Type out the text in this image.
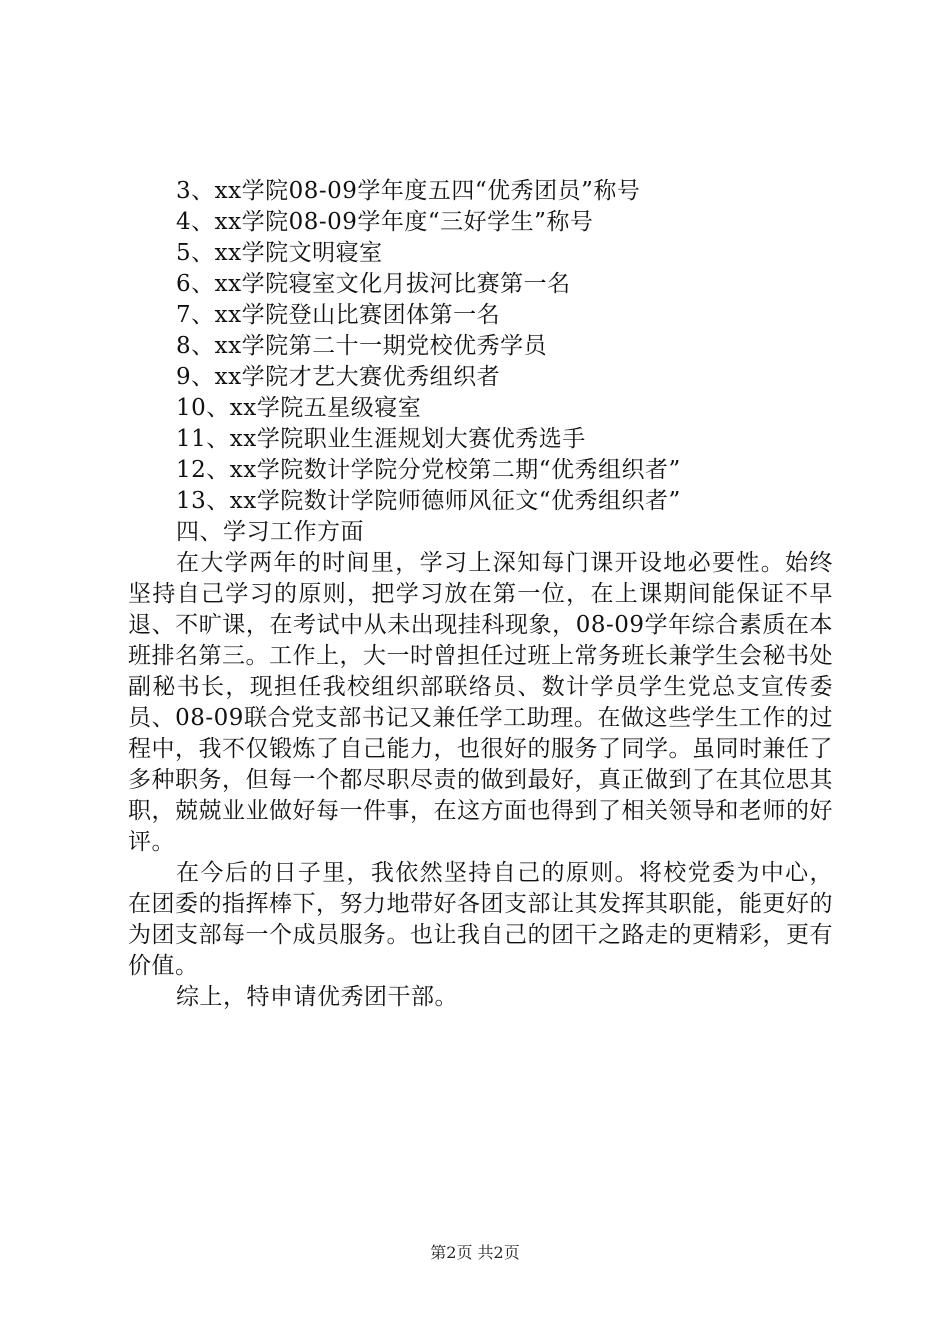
3、xx学院08-09学年度五四“优秀团员”称号

4、xx学院08-09学年度“三好学生”称号

5、xx学院文明寝室

6、xx学院寝室文化月拔河比赛第一名

7、xx学院登山比赛团体第一名

8、xx学院第二十一期党校优秀学员

9、xx学院才艺大赛优秀组织者

10、xx学院五星级寝室

11、xx学院职业生涯规划大赛优秀选手

12、xx学院数计学院分党校第二期“优秀组织者”

13、xx学院数计学院师德师风征文“优秀组织者”

四、学习工作方面

在大学两年的时间里，学习上深知每门课开设地必要性。始终坚持自己学习的原则，把学习放在第一位，在上课期间能保证不早退、不旷课，在考试中从未出现挂科现象，08-09学年综合素质在本班排名第三。工作上，大一时曾担任过班上常务班长兼学生会秘书处副秘书长，现担任我校组织部联络员、数计学员学生党总支宣传委员、08-09联合党支部书记又兼任学工助理。在做这些学生工作的过程中，我不仅锻炼了自己能力，也很好的服务了同学。虽同时兼任了多种职务，但每一个都尽职尽责的做到最好，真正做到了在其位思其职，兢兢业业做好每一件事，在这方面也得到了相关领导和老师的好评。

在今后的日子里，我依然坚持自己的原则。将校党委为中心，在团委的指挥棒下，努力地带好各团支部让其发挥其职能，能更好的为团支部每一个成员服务。也让我自己的团干之路走的更精彩，更有价值。

综上，特申请优秀团干部。

第2页 共2页
